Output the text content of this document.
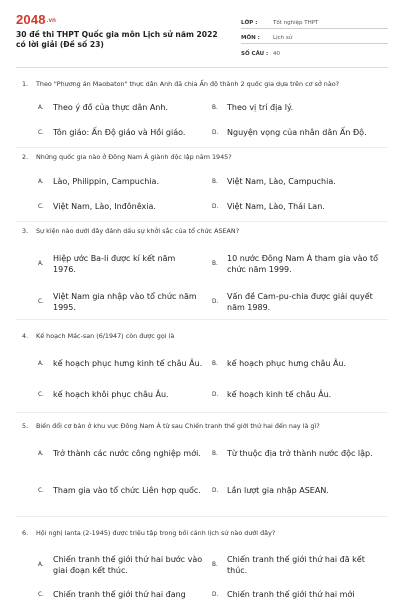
2048.vn
30 đề thi THPT Quốc gia môn Lịch sử năm 2022 có lời giải (Đề số 23)
LỚP :	Tốt nghiệp THPT
MÔN :	Lịch sử
SỐ CÂU : 40
1. Theo "Phương án Maobaton" thực dân Anh đã chia Ấn độ thành 2 quốc gia dựa trên cơ sở nào?
A.	Theo ý đồ của thực dân Anh.	B.	Theo vị trí địa lý.
C.	Tôn giáo: Ấn Độ giáo và Hồi giáo.	D.	Nguyện vọng của nhân dân Ấn Độ.
2. Những quốc gia nào ở Đông Nam Á giành độc lập năm 1945?
A.	Lào, Philippin, Campuchia.	B.	Việt Nam, Lào, Campuchia.
C.	Việt Nam, Lào, Inđônêxia.	D.	Việt Nam, Lào, Thái Lan.
3. Sự kiện nào dưới đây đánh dấu sự khởi sắc của tổ chức ASEAN?
A.
Hiệp ước Ba-li được kí kết năm 1976.
B.
10 nước Đông Nam Á tham gia vào tổ chức năm 1999.
C.
Việt Nam gia nhập vào tổ chức năm 1995.
D.
Vấn đề Cam-pu-chia được giải quyết năm 1989.
4. Kế hoạch Mác-san (6/1947) còn được gọi là
A.	kế hoạch phục hưng kinh tế châu Âu. B.	kế hoạch phục hưng châu Âu.
C.	kế hoạch khôi phục châu Âu.	D.	kế hoạch kinh tế châu Âu.
5. Biến đổi cơ bản ở khu vực Đông Nam Á từ sau Chiến tranh thế giới thứ hai đến nay là gì?
A.	Trở thành các nước công nghiệp mới.	B.	Từ thuộc địa trở thành nước độc lập.
C.	Tham gia vào tổ chức Liên hợp quốc.	D.	Lần lượt gia nhập ASEAN.
6. Hội nghị Ianta (2-1945) được triệu tập trong bối cảnh lịch sử nào dưới đây?
A.
Chiến tranh thế giới thứ hai bước vào giai đoạn kết thúc.
B.
Chiến tranh thế giới thứ hai đã kết thúc.
C.	Chiến tranh thế giới thứ hai đang	D.	Chiến tranh thế giới thứ hai mới
